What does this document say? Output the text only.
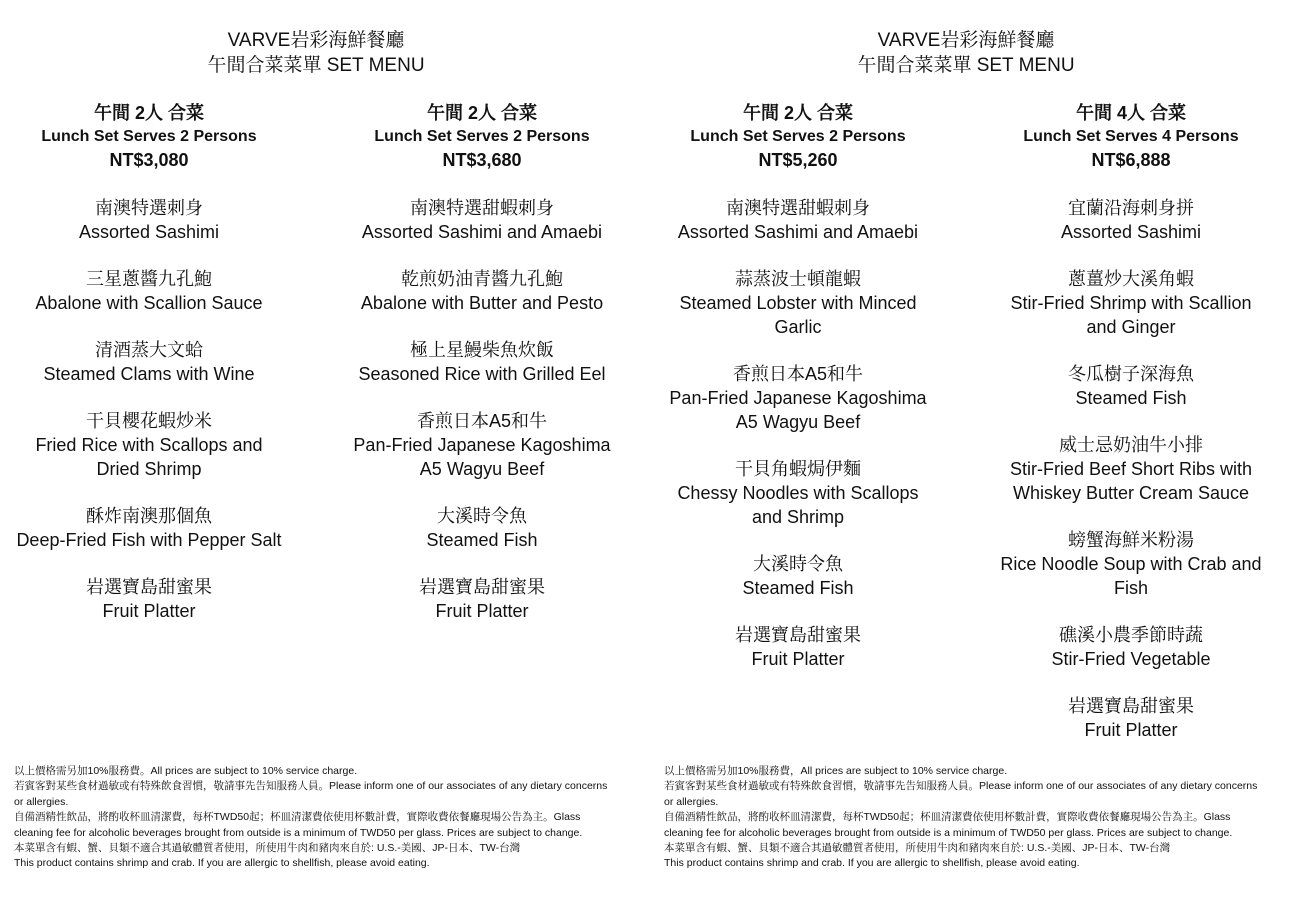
VARVE岩彩海鮮餐廳
午間合菜菜單 SET MENU
午間 2人 合菜
Lunch Set Serves 2 Persons
NT$3,080
南澳特選刺身
Assorted Sashimi
三星蔥醬九孔鮑
Abalone with Scallion Sauce
清酒蒸大文蛤
Steamed Clams with Wine
干貝櫻花蝦炒米
Fried Rice with Scallops and Dried Shrimp
酥炸南澳那個魚
Deep-Fried Fish with Pepper Salt
岩選寶島甜蜜果
Fruit Platter
午間 2人 合菜
Lunch Set Serves 2 Persons
NT$3,680
南澳特選甜蝦刺身
Assorted Sashimi and Amaebi
乾煎奶油青醬九孔鮑
Abalone with Butter and Pesto
極上星鰻柴魚炊飯
Seasoned Rice with Grilled Eel
香煎日本A5和牛
Pan-Fried Japanese Kagoshima A5 Wagyu Beef
大溪時令魚
Steamed Fish
岩選寶島甜蜜果
Fruit Platter
以上價格需另加10%服務費。All prices are subject to 10% service charge.
若賓客對某些食材過敏或有特殊飲食習慣，敬請事先告知服務人員。Please inform one of our associates of any dietary concerns or allergies.
自備酒精性飲品，將酌收杯皿清潔費，每杯TWD50起；杯皿清潔費依使用杯數計費，實際收費依餐廳現場公告為主。Glass cleaning fee for alcoholic beverages brought from outside is a minimum of TWD50 per glass. Prices are subject to change.
本菜單含有蝦、蟹、貝類不適合其過敏體質者使用，所使用牛肉和豬肉來自於: U.S.-美國、JP-日本、TW-台灣
This product contains shrimp and crab. If you are allergic to shellfish, please avoid eating.
VARVE岩彩海鮮餐廳
午間合菜菜單 SET MENU
午間 2人 合菜
Lunch Set Serves 2 Persons
NT$5,260
南澳特選甜蝦刺身
Assorted Sashimi and Amaebi
蒜蒸波士頓龍蝦
Steamed Lobster with Minced Garlic
香煎日本A5和牛
Pan-Fried Japanese Kagoshima A5 Wagyu Beef
干貝角蝦焗伊麵
Chessy Noodles with Scallops and Shrimp
大溪時令魚
Steamed Fish
岩選寶島甜蜜果
Fruit Platter
午間 4人 合菜
Lunch Set Serves 4 Persons
NT$6,888
宜蘭沿海刺身拼
Assorted Sashimi
蔥薑炒大溪角蝦
Stir-Fried Shrimp with Scallion and Ginger
冬瓜樹子深海魚
Steamed Fish
威士忌奶油牛小排
Stir-Fried Beef Short Ribs with Whiskey Butter Cream Sauce
螃蟹海鮮米粉湯
Rice Noodle Soup with Crab and Fish
礁溪小農季節時蔬
Stir-Fried Vegetable
岩選寶島甜蜜果
Fruit Platter
以上價格需另加10%服務費，All prices are subject to 10% service charge.
若賓客對某些食材過敏或有特殊飲食習慣，敬請事先告知服務人員。Please inform one of our associates of any dietary concerns or allergies.
自備酒精性飲品，將酌收杯皿清潔費，每杯TWD50起；杯皿清潔費依使用杯數計費，實際收費依餐廳現場公告為主。Glass cleaning fee for alcoholic beverages brought from outside is a minimum of TWD50 per glass. Prices are subject to change.
本菜單含有蝦、蟹、貝類不適合其過敏體質者使用，所使用牛肉和豬肉來自於: U.S.-美國、JP-日本、TW-台灣
This product contains shrimp and crab. If you are allergic to shellfish, please avoid eating.
